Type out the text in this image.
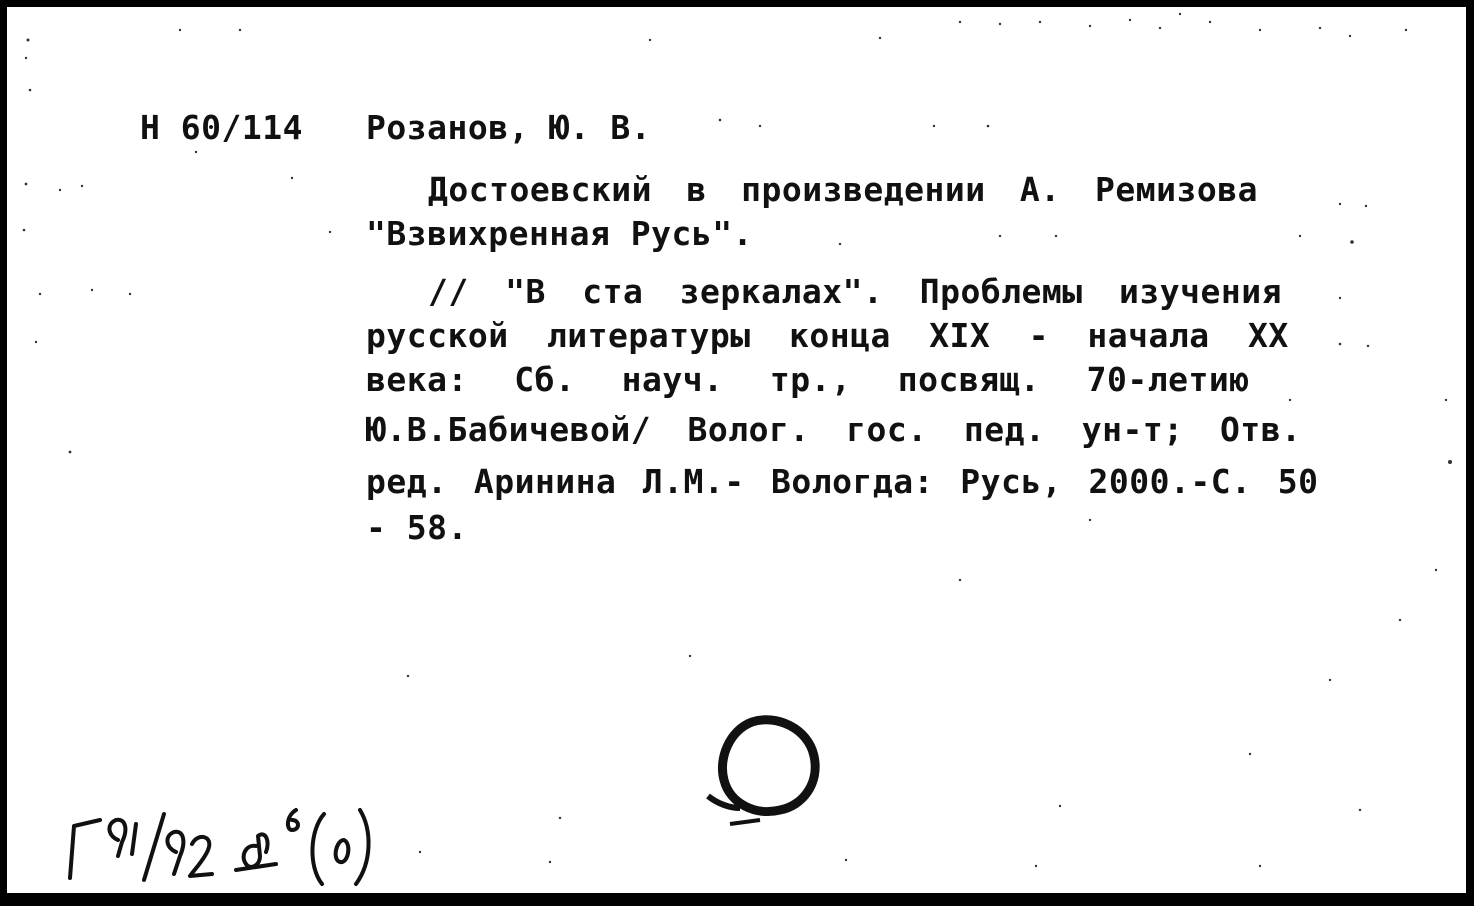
Н 60/114 Розанов, Ю. В.
Достоевский в произведении А. Ремизова
"Взвихренная Русь".
// "В ста зеркалах". Проблемы изучения
русской литературы конца XIX - начала XX
века: Сб. науч. тр., посвящ. 70-летию
Ю.В.Бабичевой/ Волог. гос. пед. ун-т; Отв.
ред. Аринина Л.М.- Вологда: Русь, 2000.-С. 50
- 58.
